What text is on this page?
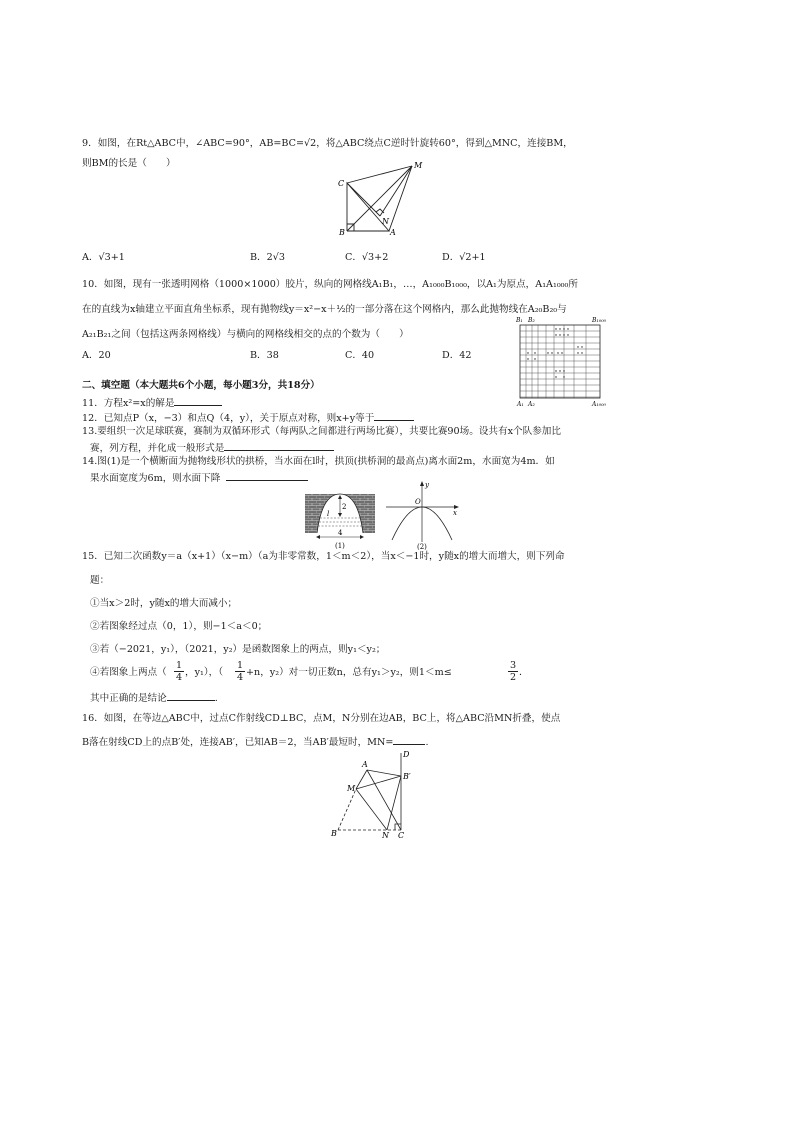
9．如图，在Rt△ABC中，∠ABC=90°，AB=BC=√2，将△ABC绕点C逆时针旋转60°，得到△MNC，连接BM，
则BM的长是（　　）
C
M
N
B	A
A．√3+1	B．2√3	C．√3+2	D．√2+1
10．如图，现有一张透明网格（1000×1000）胶片，纵向的网格线A₁B₁，…，A₁₀₀₀B₁₀₀₀，以A₁为原点，A₁A₁₀₀₀所
在的直线为x轴建立平面直角坐标系，现有抛物线y＝x²−x＋½的一部分落在这个网格内，那么此抛物线在A₂₀B₂₀与
A₂₁B₂₁之间（包括这两条网格线）与横向的网格线相交的点的个数为（　　）
A．20	B．38	C．40	D．42
B₁ B₂	B₁₀₀₀
A₁ A₂	A₁₀₀₀
二、填空题（本大题共6个小题，每小题3分，共18分）
11．方程x²=x的解是
12．已知点P（x，−3）和点Q（4，y），关于原点对称，则x+y等于
13.要组织一次足球联赛，赛制为双循环形式（每两队之间都进行两场比赛），共要比赛90场。设共有x个队参加比
赛，列方程，并化成一般形式是
14.图(1)是一个横断面为抛物线形状的拱桥，当水面在l时，拱顶(拱桥洞的最高点)离水面2m，水面宽为4m．如
果水面宽度为6m，则水面下降
2
l
4
(1)
y
O
x
(2)
15．已知二次函数y＝a（x+1）（x−m）（a为非零常数，1＜m＜2），当x＜−1时，y随x的增大而增大，则下列命
题：
①当x＞2时，y随x的增大而减小；
②若图象经过点（0，1），则−1＜a＜0；
③若（−2021，y₁），（2021，y₂）是函数图象上的两点，则y₁＜y₂；
④若图象上两点（ $\frac{1}{4}$ ，y₁），（ $\frac{1}{4} +n$，y₂）对一切正数n，总有y₁＞y₂，则1＜m≤	$\frac{3}{2}$ ．
其中正确的是结论	.
16．如图，在等边△ABC中，过点C作射线CD⊥BC，点M，N分别在边AB，BC上，将△ABC沿MN折叠，使点
B落在射线CD上的点B′处，连接AB′，已知AB＝2，当AB′最短时，MN=	.
D
A
B′
M
B	N C
